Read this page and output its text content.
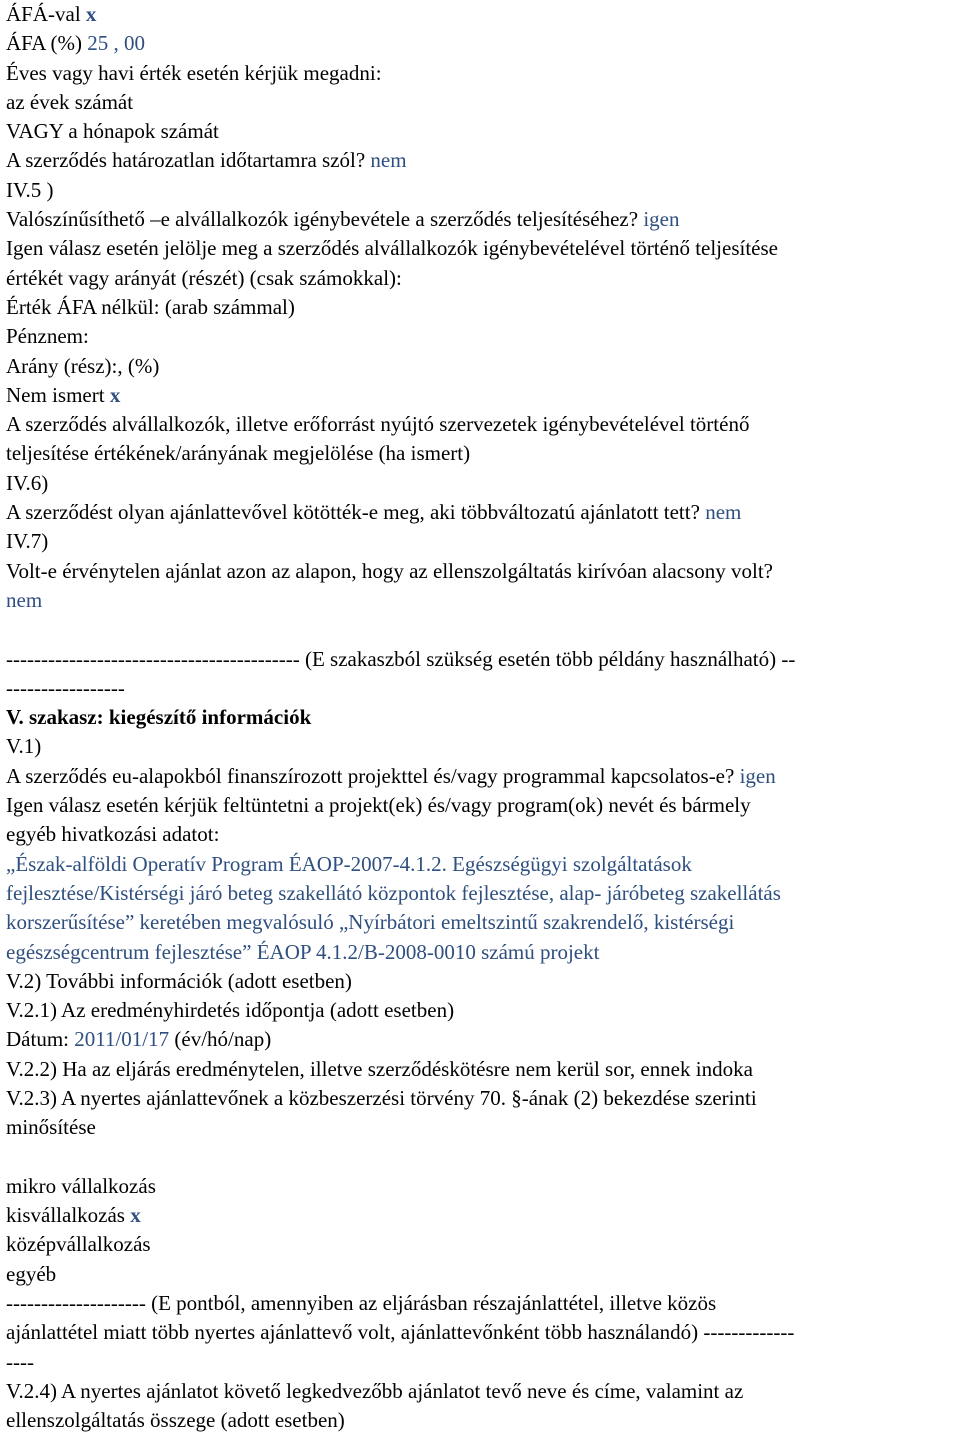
ÁFÁ-val x
ÁFA (%) 25 , 00
Éves vagy havi érték esetén kérjük megadni:
az évek számát
VAGY a hónapok számát
A szerződés határozatlan időtartamra szól? nem
IV.5 )
Valószínűsíthető –e alvállalkozók igénybevétele a szerződés teljesítéséhez? igen
Igen válasz esetén jelölje meg a szerződés alvállalkozók igénybevételével történő teljesítése
értékét vagy arányát (részét) (csak számokkal):
Érték ÁFA nélkül: (arab számmal)
Pénznem:
Arány (rész):, (%)
Nem ismert x
A szerződés alvállalkozók, illetve erőforrást nyújtó szervezetek igénybevételével történő
teljesítése értékének/arányának megjelölése (ha ismert)
IV.6)
A szerződést olyan ajánlattevővel kötötték-e meg, aki többváltozatú ajánlatott tett? nem
IV.7)
Volt-e érvénytelen ajánlat azon az alapon, hogy az ellenszolgáltatás kirívóan alacsony volt?
nem
------------------------------------------ (E szakaszból szükség esetén több példány használható) --
-----------------
V. szakasz: kiegészítő információk
V.1)
A szerződés eu-alapokból finanszírozott projekttel és/vagy programmal kapcsolatos-e? igen
Igen válasz esetén kérjük feltüntetni a projekt(ek) és/vagy program(ok) nevét és bármely
egyéb hivatkozási adatot:
„Észak-alföldi Operatív Program ÉAOP-2007-4.1.2. Egészségügyi szolgáltatások
fejlesztése/Kistérségi járó beteg szakellátó központok fejlesztése, alap- járóbeteg szakellátás
korszerűsítése” keretében megvalósuló „Nyírbátori emeltszintű szakrendelő, kistérségi
egészségcentrum fejlesztése” ÉAOP 4.1.2/B-2008-0010 számú projekt
V.2) További információk (adott esetben)
V.2.1) Az eredményhirdetés időpontja (adott esetben)
Dátum: 2011/01/17 (év/hó/nap)
V.2.2) Ha az eljárás eredménytelen, illetve szerződéskötésre nem kerül sor, ennek indoka
V.2.3) A nyertes ajánlattevőnek a közbeszerzési törvény 70. §-ának (2) bekezdése szerinti
minősítése
mikro vállalkozás
kisvállalkozás x
középvállalkozás
egyéb
-------------------- (E pontból, amennyiben az eljárásban részajánlattétel, illetve közös
ajánlattétel miatt több nyertes ajánlattevő volt, ajánlattevőnként több használandó) -------------
----
V.2.4) A nyertes ajánlatot követő legkedvezőbb ajánlatot tevő neve és címe, valamint az
ellenszolgáltatás összege (adott esetben)
